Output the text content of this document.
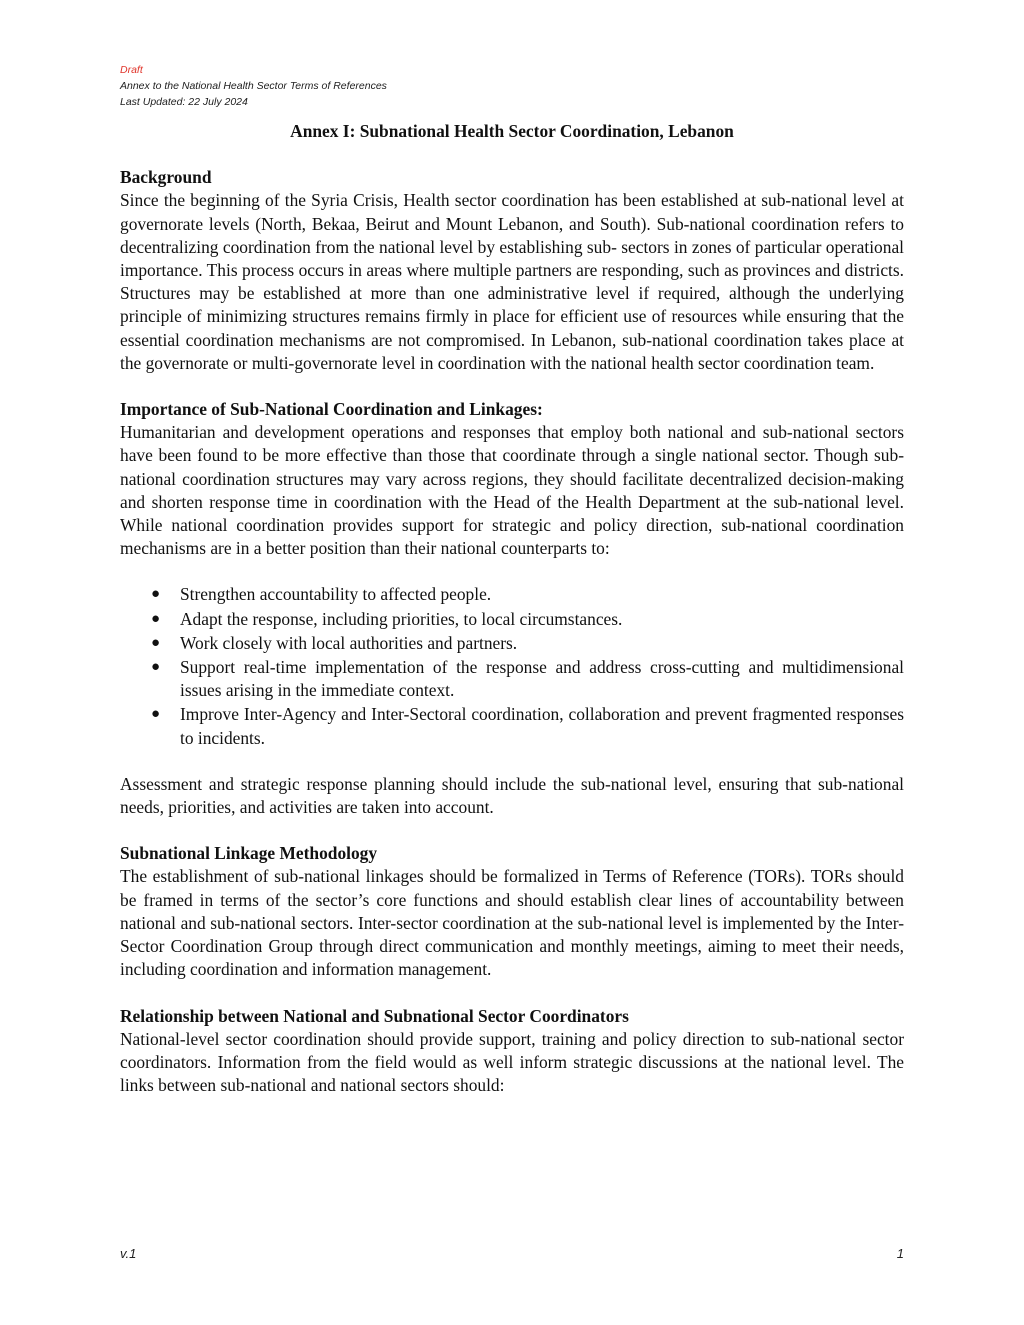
Draft
Annex to the National Health Sector Terms of References
Last Updated: 22 July 2024
Annex I: Subnational Health Sector Coordination, Lebanon
Background

Since the beginning of the Syria Crisis, Health sector coordination has been established at sub-national level at governorate levels (North, Bekaa, Beirut and Mount Lebanon, and South). Sub-national coordination refers to decentralizing coordination from the national level by establishing sub- sectors in zones of particular operational importance. This process occurs in areas where multiple partners are responding, such as provinces and districts. Structures may be established at more than one administrative level if required, although the underlying principle of minimizing structures remains firmly in place for efficient use of resources while ensuring that the essential coordination mechanisms are not compromised. In Lebanon, sub-national coordination takes place at the governorate or multi-governorate level in coordination with the national health sector coordination team.

Importance of Sub-National Coordination and Linkages:

Humanitarian and development operations and responses that employ both national and sub-national sectors have been found to be more effective than those that coordinate through a single national sector. Though sub-national coordination structures may vary across regions, they should facilitate decentralized decision-making and shorten response time in coordination with the Head of the Health Department at the sub-national level. While national coordination provides support for strategic and policy direction, sub-national coordination mechanisms are in a better position than their national counterparts to:

● Strengthen accountability to affected people.
● Adapt the response, including priorities, to local circumstances.
● Work closely with local authorities and partners.
● Support real-time implementation of the response and address cross-cutting and multidimensional issues arising in the immediate context.
● Improve Inter-Agency and Inter-Sectoral coordination, collaboration and prevent fragmented responses to incidents.

Assessment and strategic response planning should include the sub-national level, ensuring that sub-national needs, priorities, and activities are taken into account.

Subnational Linkage Methodology

The establishment of sub-national linkages should be formalized in Terms of Reference (TORs). TORs should be framed in terms of the sector’s core functions and should establish clear lines of accountability between national and sub-national sectors. Inter-sector coordination at the sub-national level is implemented by the Inter-Sector Coordination Group through direct communication and monthly meetings, aiming to meet their needs, including coordination and information management.

Relationship between National and Subnational Sector Coordinators

National-level sector coordination should provide support, training and policy direction to sub-national sector coordinators. Information from the field would as well inform strategic discussions at the national level. The links between sub-national and national sectors should:

v.1	1
